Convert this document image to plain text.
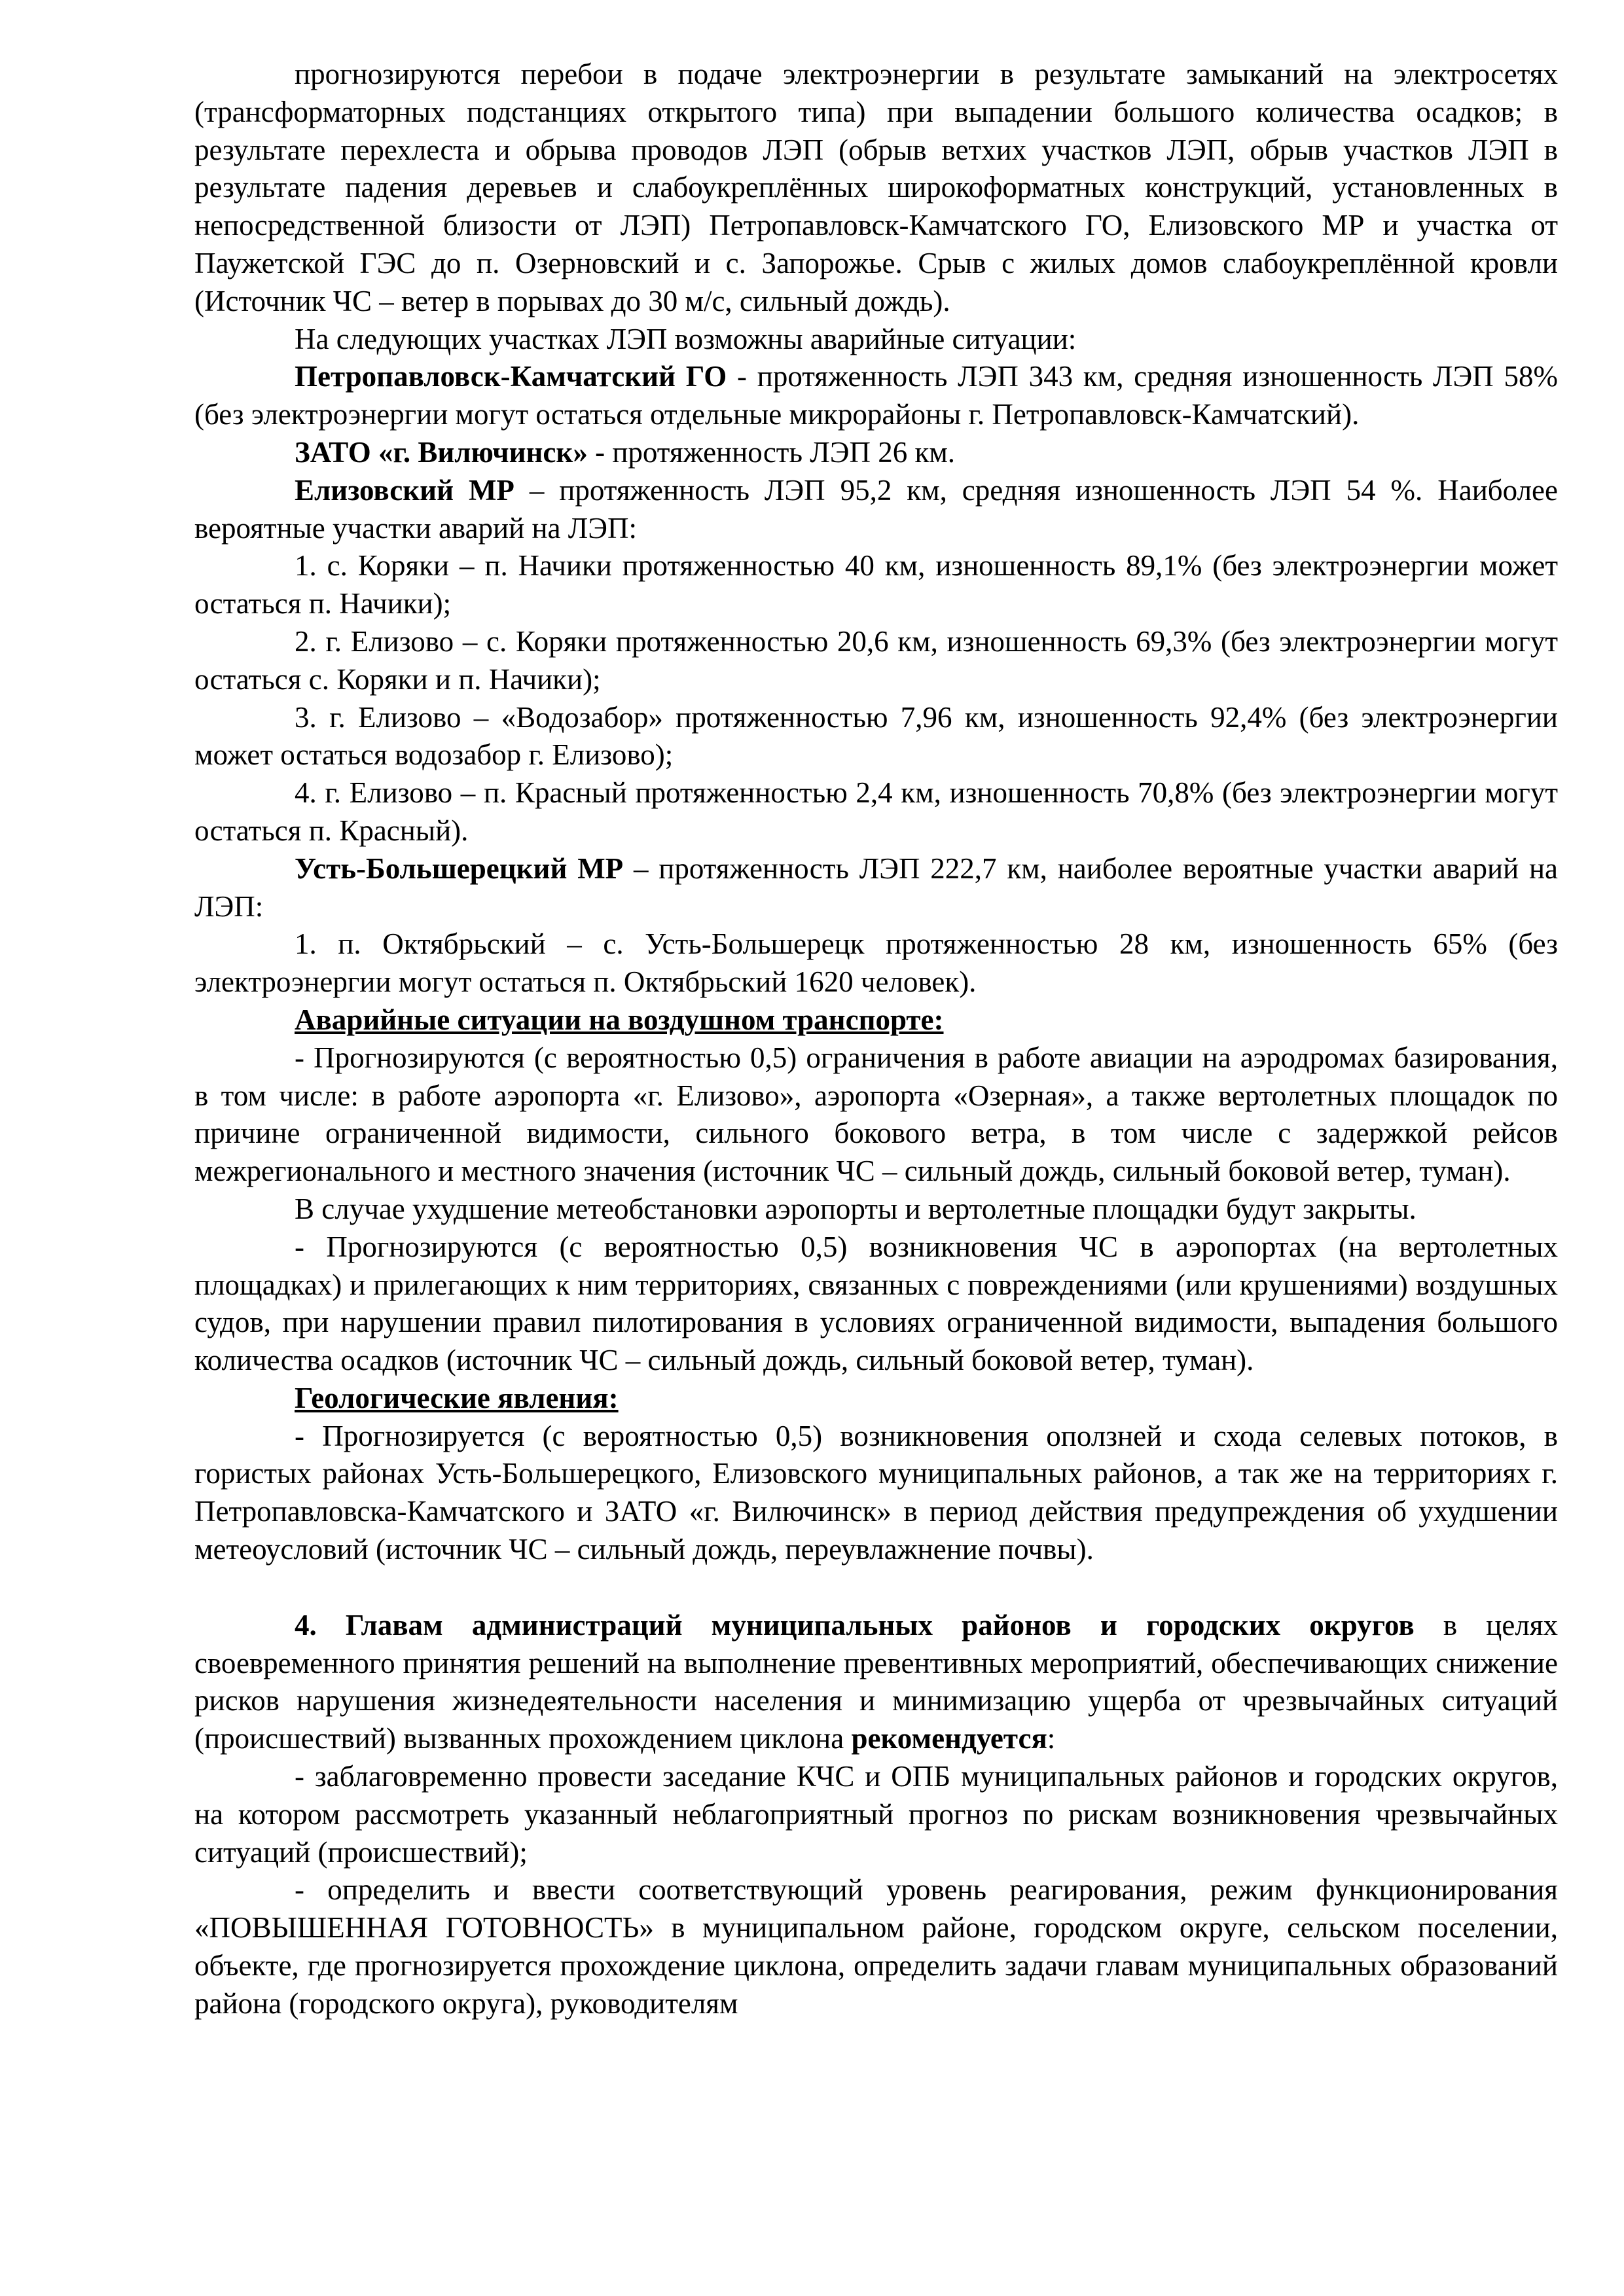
прогнозируются перебои в подаче электроэнергии в результате замыканий на электросетях (трансформаторных подстанциях открытого типа) при выпадении большого количества осадков; в результате перехлеста и обрыва проводов ЛЭП (обрыв ветхих участков ЛЭП, обрыв участков ЛЭП в результате падения деревьев и слабоукреплённых широкоформатных конструкций, установленных в непосредственной близости от ЛЭП) Петропавловск-Камчатского ГО, Елизовского МР и участка от Паужетской ГЭС до п. Озерновский и с. Запорожье. Срыв с жилых домов слабоукреплённой кровли (Источник ЧС – ветер в порывах до 30 м/с, сильный дождь).

На следующих участках ЛЭП возможны аварийные ситуации:

Петропавловск-Камчатский ГО - протяженность ЛЭП 343 км, средняя изношенность ЛЭП 58% (без электроэнергии могут остаться отдельные микрорайоны г. Петропавловск-Камчатский).

ЗАТО «г. Вилючинск» - протяженность ЛЭП 26 км.

Елизовский МР – протяженность ЛЭП 95,2 км, средняя изношенность ЛЭП 54 %. Наиболее вероятные участки аварий на ЛЭП:

1. с. Коряки – п. Начики протяженностью 40 км, изношенность 89,1% (без электроэнергии может остаться п. Начики);

2. г. Елизово – с. Коряки протяженностью 20,6 км, изношенность 69,3% (без электроэнергии могут остаться с. Коряки и п. Начики);

3. г. Елизово – «Водозабор» протяженностью 7,96 км, изношенность 92,4% (без электроэнергии может остаться водозабор г. Елизово);

4. г. Елизово – п. Красный протяженностью 2,4 км, изношенность 70,8% (без электроэнергии могут остаться п. Красный).

Усть-Большерецкий МР – протяженность ЛЭП 222,7 км, наиболее вероятные участки аварий на ЛЭП:

1. п. Октябрьский – с. Усть-Большерецк протяженностью 28 км, изношенность 65% (без электроэнергии могут остаться п. Октябрьский 1620 человек).

Аварийные ситуации на воздушном транспорте:

- Прогнозируются (с вероятностью 0,5) ограничения в работе авиации на аэродромах базирования, в том числе: в работе аэропорта «г. Елизово», аэропорта «Озерная», а также вертолетных площадок по причине ограниченной видимости, сильного бокового ветра, в том числе с задержкой рейсов межрегионального и местного значения (источник ЧС – сильный дождь, сильный боковой ветер, туман).

В случае ухудшение метеобстановки аэропорты и вертолетные площадки будут закрыты.

- Прогнозируются (с вероятностью 0,5) возникновения ЧС в аэропортах (на вертолетных площадках) и прилегающих к ним территориях, связанных с повреждениями (или крушениями) воздушных судов, при нарушении правил пилотирования в условиях ограниченной видимости, выпадения большого количества осадков (источник ЧС – сильный дождь, сильный боковой ветер, туман).

Геологические явления:

- Прогнозируется (с вероятностью 0,5) возникновения оползней и схода селевых потоков, в гористых районах Усть-Большерецкого, Елизовского муниципальных районов, а так же на территориях г. Петропавловска-Камчатского и ЗАТО «г. Вилючинск» в период действия предупреждения об ухудшении метеоусловий (источник ЧС – сильный дождь, переувлажнение почвы).

4. Главам администраций муниципальных районов и городских округов в целях своевременного принятия решений на выполнение превентивных мероприятий, обеспечивающих снижение рисков нарушения жизнедеятельности населения и минимизацию ущерба от чрезвычайных ситуаций (происшествий) вызванных прохождением циклона рекомендуется:

- заблаговременно провести заседание КЧС и ОПБ муниципальных районов и городских округов, на котором рассмотреть указанный неблагоприятный прогноз по рискам возникновения чрезвычайных ситуаций (происшествий);

- определить и ввести соответствующий уровень реагирования, режим функционирования «ПОВЫШЕННАЯ ГОТОВНОСТЬ» в муниципальном районе, городском округе, сельском поселении, объекте, где прогнозируется прохождение циклона, определить задачи главам муниципальных образований района (городского округа), руководителям
